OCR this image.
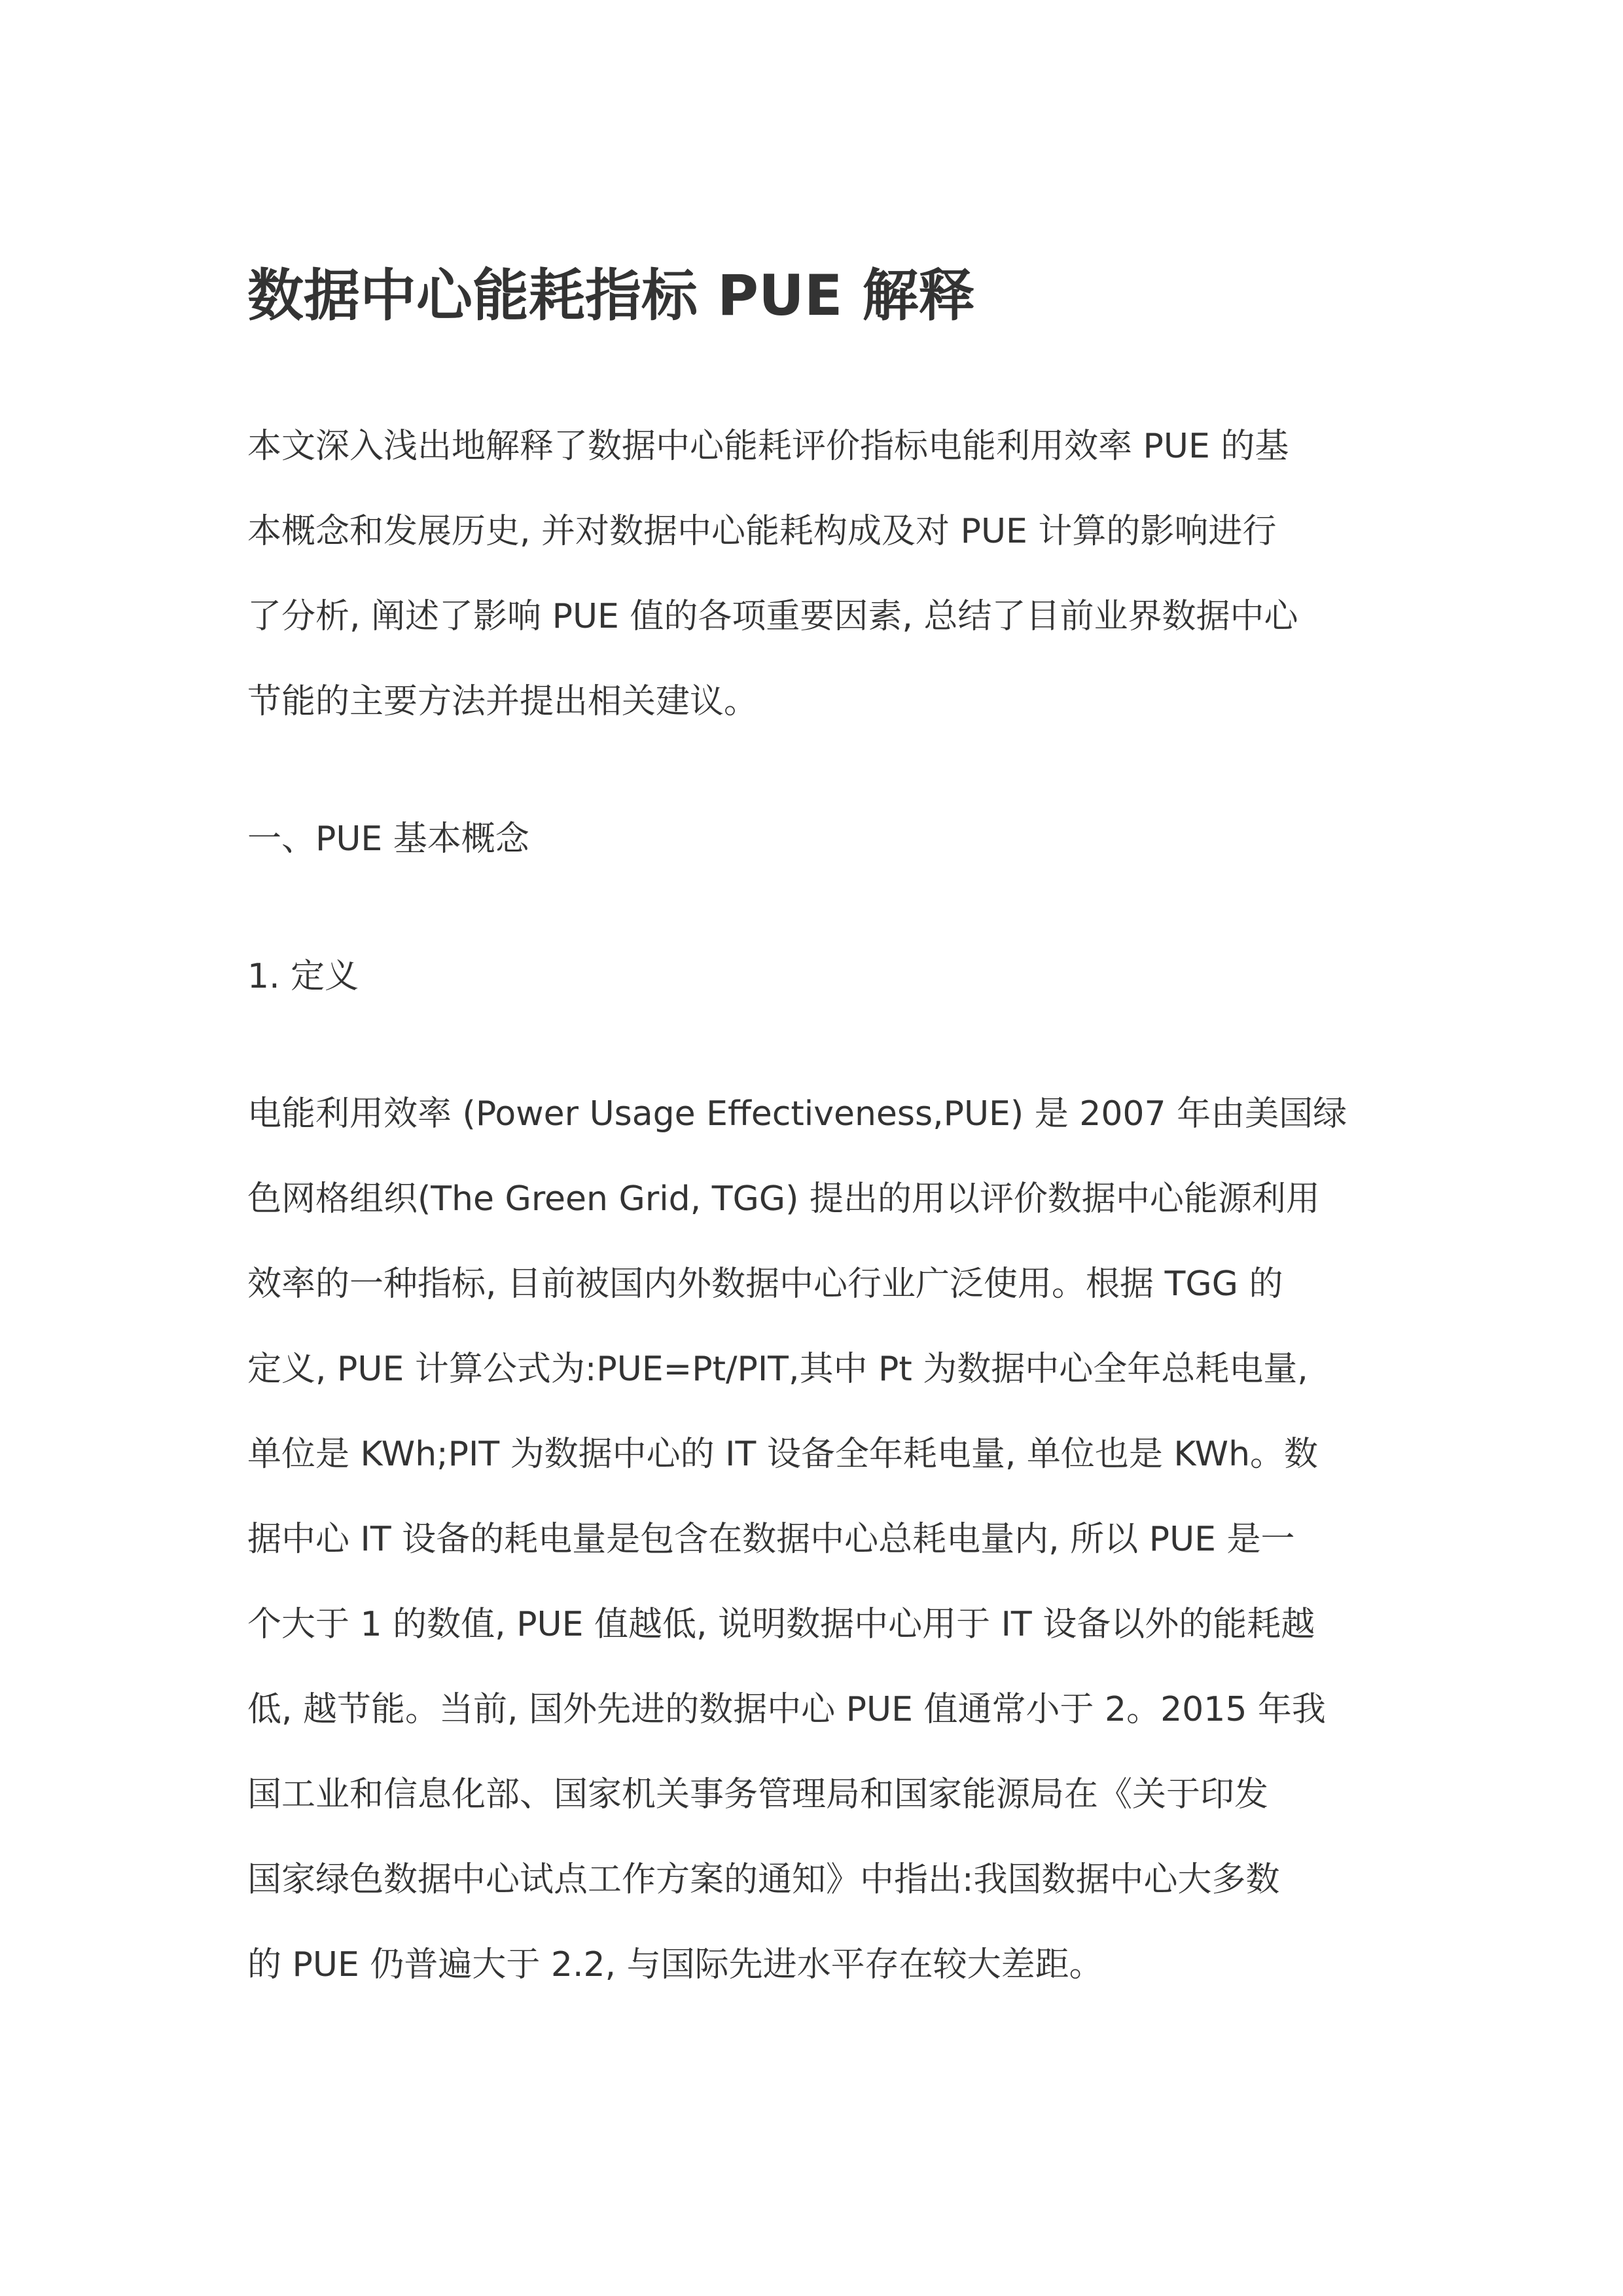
数据中心能耗指标 PUE 解释

本文深入浅出地解释了数据中心能耗评价指标电能利用效率 PUE 的基

本概念和发展历史, 并对数据中心能耗构成及对 PUE 计算的影响进行

了分析, 阐述了影响 PUE 值的各项重要因素, 总结了目前业界数据中心

节能的主要方法并提出相关建议。

一、PUE 基本概念

1. 定义

电能利用效率 (Power Usage Effectiveness,PUE) 是 2007 年由美国绿

色网格组织(The Green Grid, TGG) 提出的用以评价数据中心能源利用

效率的一种指标, 目前被国内外数据中心行业广泛使用。根据 TGG 的

定义, PUE 计算公式为:PUE=Pt/PIT,其中 Pt 为数据中心全年总耗电量,

单位是 KWh;PIT 为数据中心的 IT 设备全年耗电量, 单位也是 KWh。数

据中心 IT 设备的耗电量是包含在数据中心总耗电量内, 所以 PUE 是一

个大于 1 的数值, PUE 值越低, 说明数据中心用于 IT 设备以外的能耗越

低, 越节能。当前, 国外先进的数据中心 PUE 值通常小于 2。2015 年我

国工业和信息化部、国家机关事务管理局和国家能源局在《关于印发

国家绿色数据中心试点工作方案的通知》中指出:我国数据中心大多数

的 PUE 仍普遍大于 2.2, 与国际先进水平存在较大差距。
